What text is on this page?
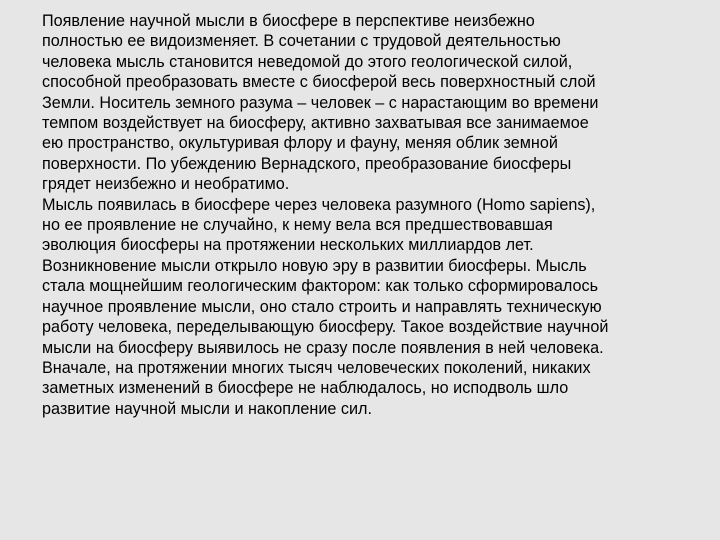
Появление научной мысли в биосфере в перспективе неизбежно
полностью ее видоизменяет. В сочетании с трудовой деятельностью
человека мысль становится неведомой до этого геологической силой,
способной преобразовать вместе с биосферой весь поверхностный слой
Земли. Носитель земного разума – человек – с нарастающим во времени
темпом воздействует на биосферу, активно захватывая все занимаемое
ею пространство, окультуривая флору и фауну, меняя облик земной
поверхности. По убеждению Вернадского, преобразование биосферы
грядет неизбежно и необратимо.
Мысль появилась в биосфере через человека разумного (Homo sapiens),
но ее проявление не случайно, к нему вела вся предшествовавшая
эволюция биосферы на протяжении нескольких миллиардов лет.
Возникновение мысли открыло новую эру в развитии биосферы. Мысль
стала мощнейшим геологическим фактором: как только сформировалось
научное проявление мысли, оно стало строить и направлять техническую
работу человека, переделывающую биосферу. Такое воздействие научной
мысли на биосферу выявилось не сразу после появления в ней человека.
Вначале, на протяжении многих тысяч человеческих поколений, никаких
заметных изменений в биосфере не наблюдалось, но исподволь шло
развитие научной мысли и накопление сил.
